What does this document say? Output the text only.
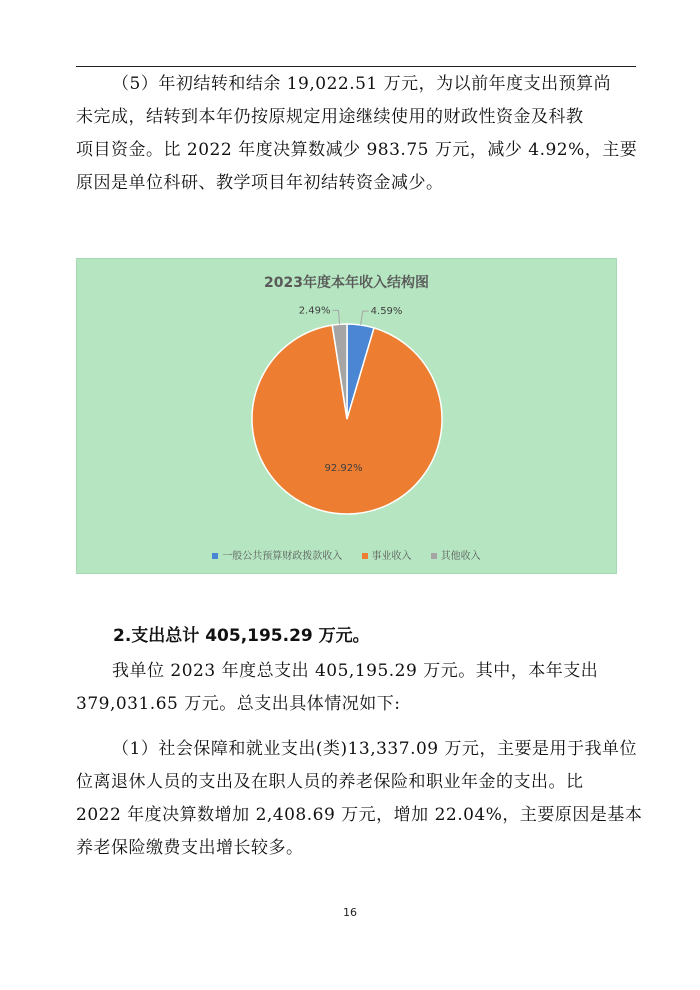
（5）年初结转和结余 19,022.51 万元，为以前年度支出预算尚
未完成，结转到本年仍按原规定用途继续使用的财政性资金及科教
项目资金。比 2022 年度决算数减少 983.75 万元，减少 4.92%，主要
原因是单位科研、教学项目年初结转资金减少。
2023年度本年收入结构图
4.59%
92.92%
2.49%
一般公共预算财政拨款收入	事业收入	其他收入
2.支出总计 405,195.29 万元。
我单位 2023 年度总支出 405,195.29 万元。其中，本年支出
379,031.65 万元。总支出具体情况如下:
（1）社会保障和就业支出(类)13,337.09 万元，主要是用于我单位
位离退休人员的支出及在职人员的养老保险和职业年金的支出。比
2022 年度决算数增加 2,408.69 万元，增加 22.04%，主要原因是基本
养老保险缴费支出增长较多。
16
